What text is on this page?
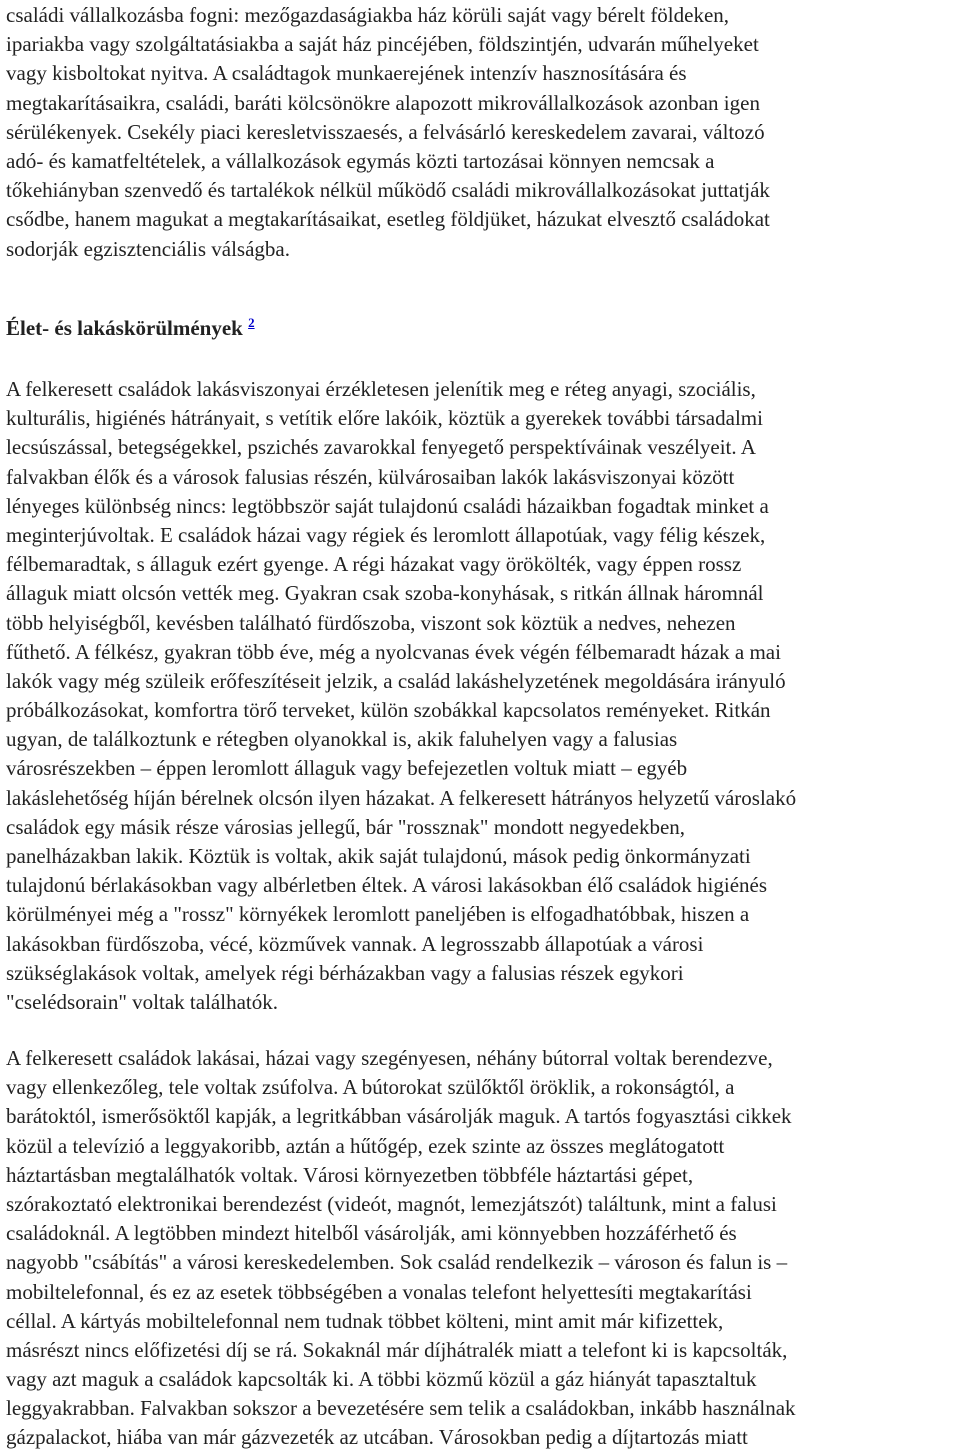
családi vállalkozásba fogni: mezőgazdaságiakba ház körüli saját vagy bérelt földeken,
ipariakba vagy szolgáltatásiakba a saját ház pincéjében, földszintjén, udvarán műhelyeket
vagy kisboltokat nyitva. A családtagok munkaerejének intenzív hasznosítására és
megtakarításaikra, családi, baráti kölcsönökre alapozott mikrovállalkozások azonban igen
sérülékenyek. Csekély piaci keresletvisszaesés, a felvásárló kereskedelem zavarai, változó
adó- és kamatfeltételek, a vállalkozások egymás közti tartozásai könnyen nemcsak a
tőkehiányban szenvedő és tartalékok nélkül működő családi mikrovállalkozásokat juttatják
csődbe, hanem magukat a megtakarításaikat, esetleg földjüket, házukat elvesztő családokat
sodorják egzisztenciális válságba.
Élet- és lakáskörülmények $^2$
A felkeresett családok lakásviszonyai érzékletesen jelenítik meg e réteg anyagi, szociális,
kulturális, higiénés hátrányait, s vetítik előre lakóik, köztük a gyerekek további társadalmi
lecsúszással, betegségekkel, pszichés zavarokkal fenyegető perspektíváinak veszélyeit. A
falvakban élők és a városok falusias részén, külvárosaiban lakók lakásviszonyai között
lényeges különbség nincs: legtöbbször saját tulajdonú családi házaikban fogadtak minket a
meginterjúvoltak. E családok házai vagy régiek és leromlott állapotúak, vagy félig készek,
félbemaradtak, s állaguk ezért gyenge. A régi házakat vagy örökölték, vagy éppen rossz
állaguk miatt olcsón vették meg. Gyakran csak szoba-konyhásak, s ritkán állnak háromnál
több helyiségből, kevésben található fürdőszoba, viszont sok köztük a nedves, nehezen
fűthető. A félkész, gyakran több éve, még a nyolcvanas évek végén félbemaradt házak a mai
lakók vagy még szüleik erőfeszítéseit jelzik, a család lakáshelyzetének megoldására irányuló
próbálkozásokat, komfortra törő terveket, külön szobákkal kapcsolatos reményeket. Ritkán
ugyan, de találkoztunk e rétegben olyanokkal is, akik faluhelyen vagy a falusias
városrészekben – éppen leromlott állaguk vagy befejezetlen voltuk miatt – egyéb
lakáslehetőség híján bérelnek olcsón ilyen házakat. A felkeresett hátrányos helyzetű városlakó
családok egy másik része városias jellegű, bár "rossznak" mondott negyedekben,
panelházakban lakik. Köztük is voltak, akik saját tulajdonú, mások pedig önkormányzati
tulajdonú bérlakásokban vagy albérletben éltek. A városi lakásokban élő családok higiénés
körülményei még a "rossz" környékek leromlott paneljében is elfogadhatóbbak, hiszen a
lakásokban fürdőszoba, vécé, közművek vannak. A legrosszabb állapotúak a városi
szükséglakások voltak, amelyek régi bérházakban vagy a falusias részek egykori
"cselédsorain" voltak találhatók.
A felkeresett családok lakásai, házai vagy szegényesen, néhány bútorral voltak berendezve,
vagy ellenkezőleg, tele voltak zsúfolva. A bútorokat szülőktől öröklik, a rokonságtól, a
barátoktól, ismerősöktől kapják, a legritkábban vásárolják maguk. A tartós fogyasztási cikkek
közül a televízió a leggyakoribb, aztán a hűtőgép, ezek szinte az összes meglátogatott
háztartásban megtalálhatók voltak. Városi környezetben többféle háztartási gépet,
szórakoztató elektronikai berendezést (videót, magnót, lemezjátszót) találtunk, mint a falusi
családoknál. A legtöbben mindezt hitelből vásárolják, ami könnyebben hozzáférhető és
nagyobb "csábítás" a városi kereskedelemben. Sok család rendelkezik – városon és falun is –
mobiltelefonnal, és ez az esetek többségében a vonalas telefont helyettesíti megtakarítási
céllal. A kártyás mobiltelefonnal nem tudnak többet költeni, mint amit már kifizettek,
másrészt nincs előfizetési díj se rá. Sokaknál már díjhátralék miatt a telefont ki is kapcsolták,
vagy azt maguk a családok kapcsolták ki. A többi közmű közül a gáz hiányát tapasztaltuk
leggyakrabban. Falvakban sokszor a bevezetésére sem telik a családokban, inkább használnak
gázpalackot, hiába van már gázvezeték az utcában. Városokban pedig a díjtartozás miatt
